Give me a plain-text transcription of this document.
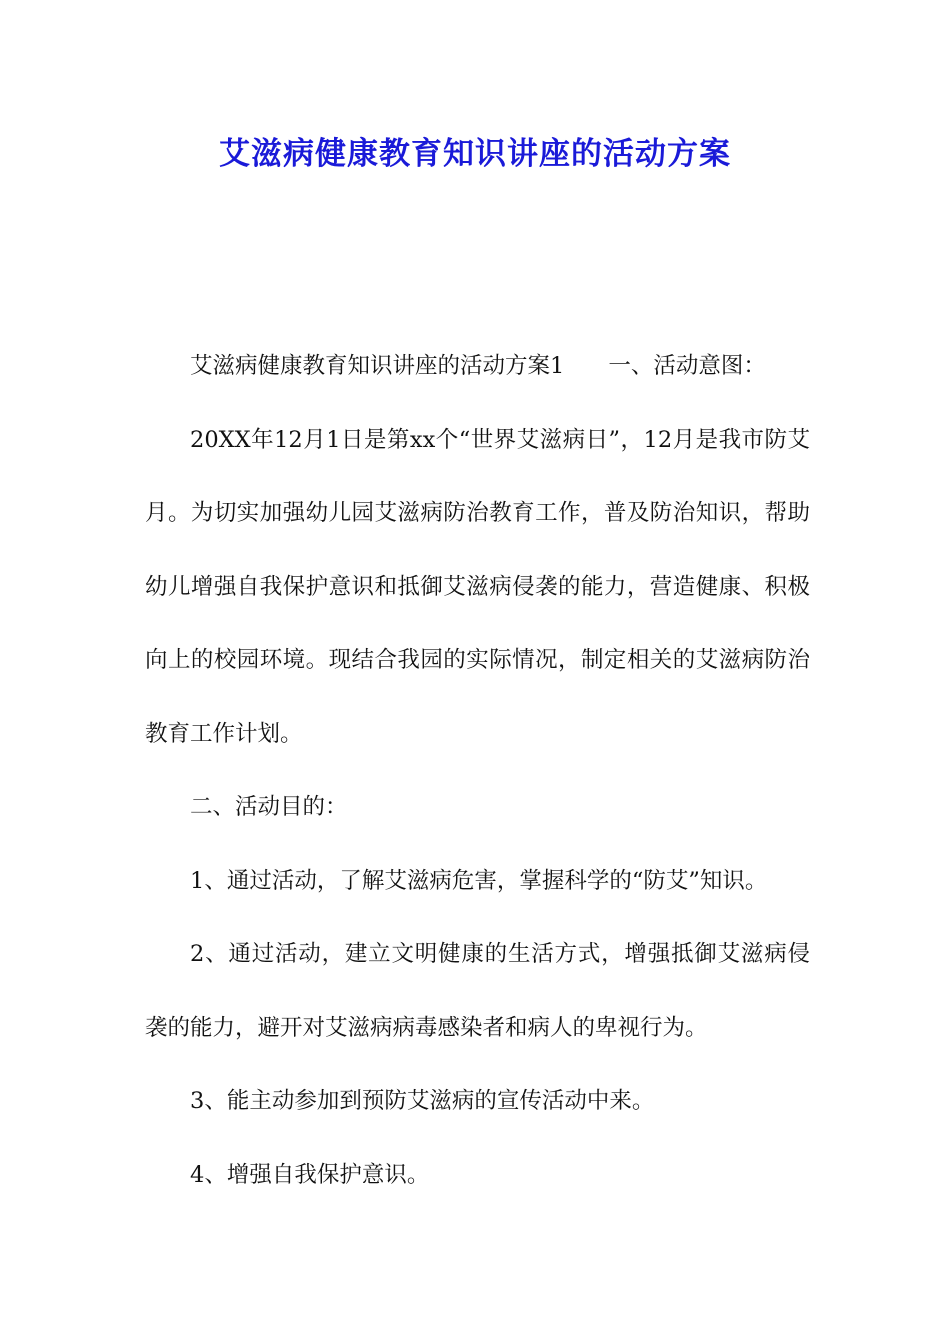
艾滋病健康教育知识讲座的活动方案

艾滋病健康教育知识讲座的活动方案1 一、活动意图：

20XX年12月1日是第xx个“世界艾滋病日”，12月是我市防艾月。为切实加强幼儿园艾滋病防治教育工作，普及防治知识，帮助幼儿增强自我保护意识和抵御艾滋病侵袭的能力，营造健康、积极向上的校园环境。现结合我园的实际情况，制定相关的艾滋病防治教育工作计划。

二、活动目的：

1、通过活动，了解艾滋病危害，掌握科学的“防艾”知识。

2、通过活动，建立文明健康的生活方式，增强抵御艾滋病侵袭的能力，避开对艾滋病病毒感染者和病人的卑视行为。

3、能主动参加到预防艾滋病的宣传活动中来。

4、增强自我保护意识。
